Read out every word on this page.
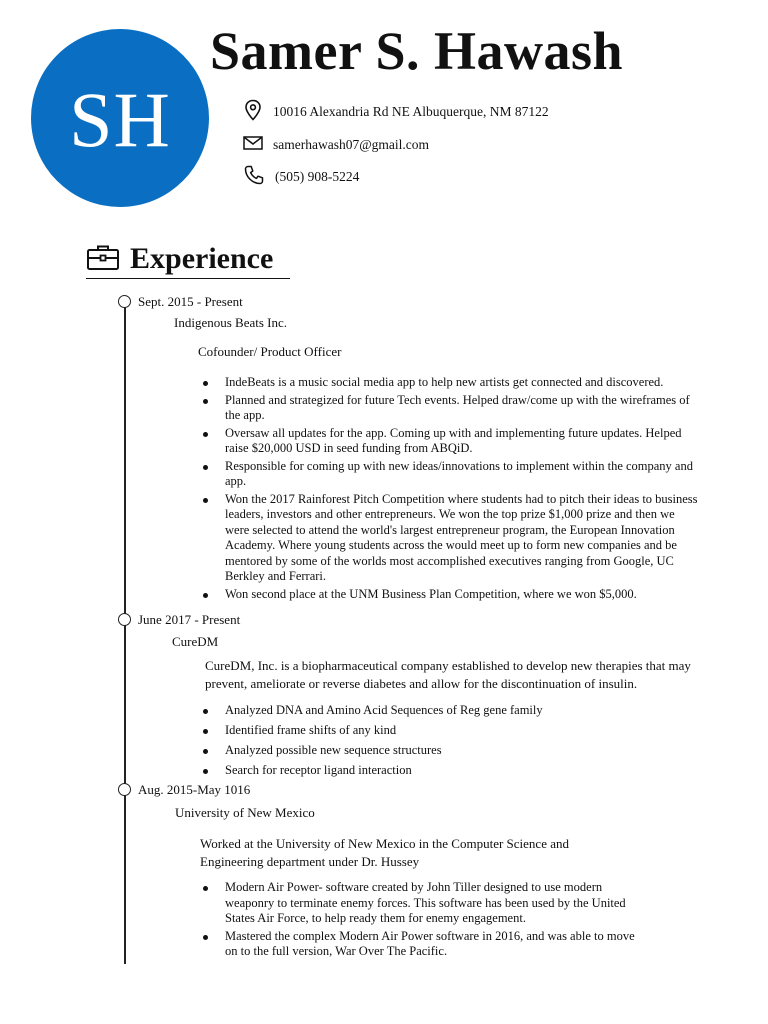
SH
Samer S. Hawash
10016 Alexandria Rd NE Albuquerque, NM 87122
samerhawash07@gmail.com
(505) 908-5224
Experience
Sept. 2015 - Present
Indigenous Beats Inc.
Cofounder/ Product Officer
IndeBeats is a music social media app to help new artists get connected and discovered.
Planned and strategized for future Tech events. Helped draw/come up with the wireframes of the app.
Oversaw all updates for the app. Coming up with and implementing future updates. Helped raise $20,000 USD in seed funding from ABQiD.
Responsible for coming up with new ideas/innovations to implement within the company and app.
Won the 2017 Rainforest Pitch Competition where students had to pitch their ideas to business leaders, investors and other entrepreneurs. We won the top prize $1,000 prize and then we were selected to attend the world's largest entrepreneur program, the European Innovation Academy. Where young students across the would meet up to form new companies and be mentored by some of the worlds most accomplished executives ranging from Google, UC Berkley and Ferrari.
Won second place at the UNM Business Plan Competition, where we won $5,000.
June 2017 - Present
CureDM
CureDM, Inc. is a biopharmaceutical company established to develop new therapies that may prevent, ameliorate or reverse diabetes and allow for the discontinuation of insulin.
Analyzed DNA and Amino Acid Sequences of Reg gene family
Identified frame shifts of any kind
Analyzed possible new sequence structures
Search for receptor ligand interaction
Aug. 2015-May 1016
University of New Mexico
Worked at the University of New Mexico in the Computer Science and Engineering department under Dr. Hussey
Modern Air Power- software created by John Tiller designed to use modern weaponry to terminate enemy forces. This software has been used by the United States Air Force, to help ready them for enemy engagement.
Mastered the complex Modern Air Power software in 2016, and was able to move on to the full version, War Over The Pacific.
